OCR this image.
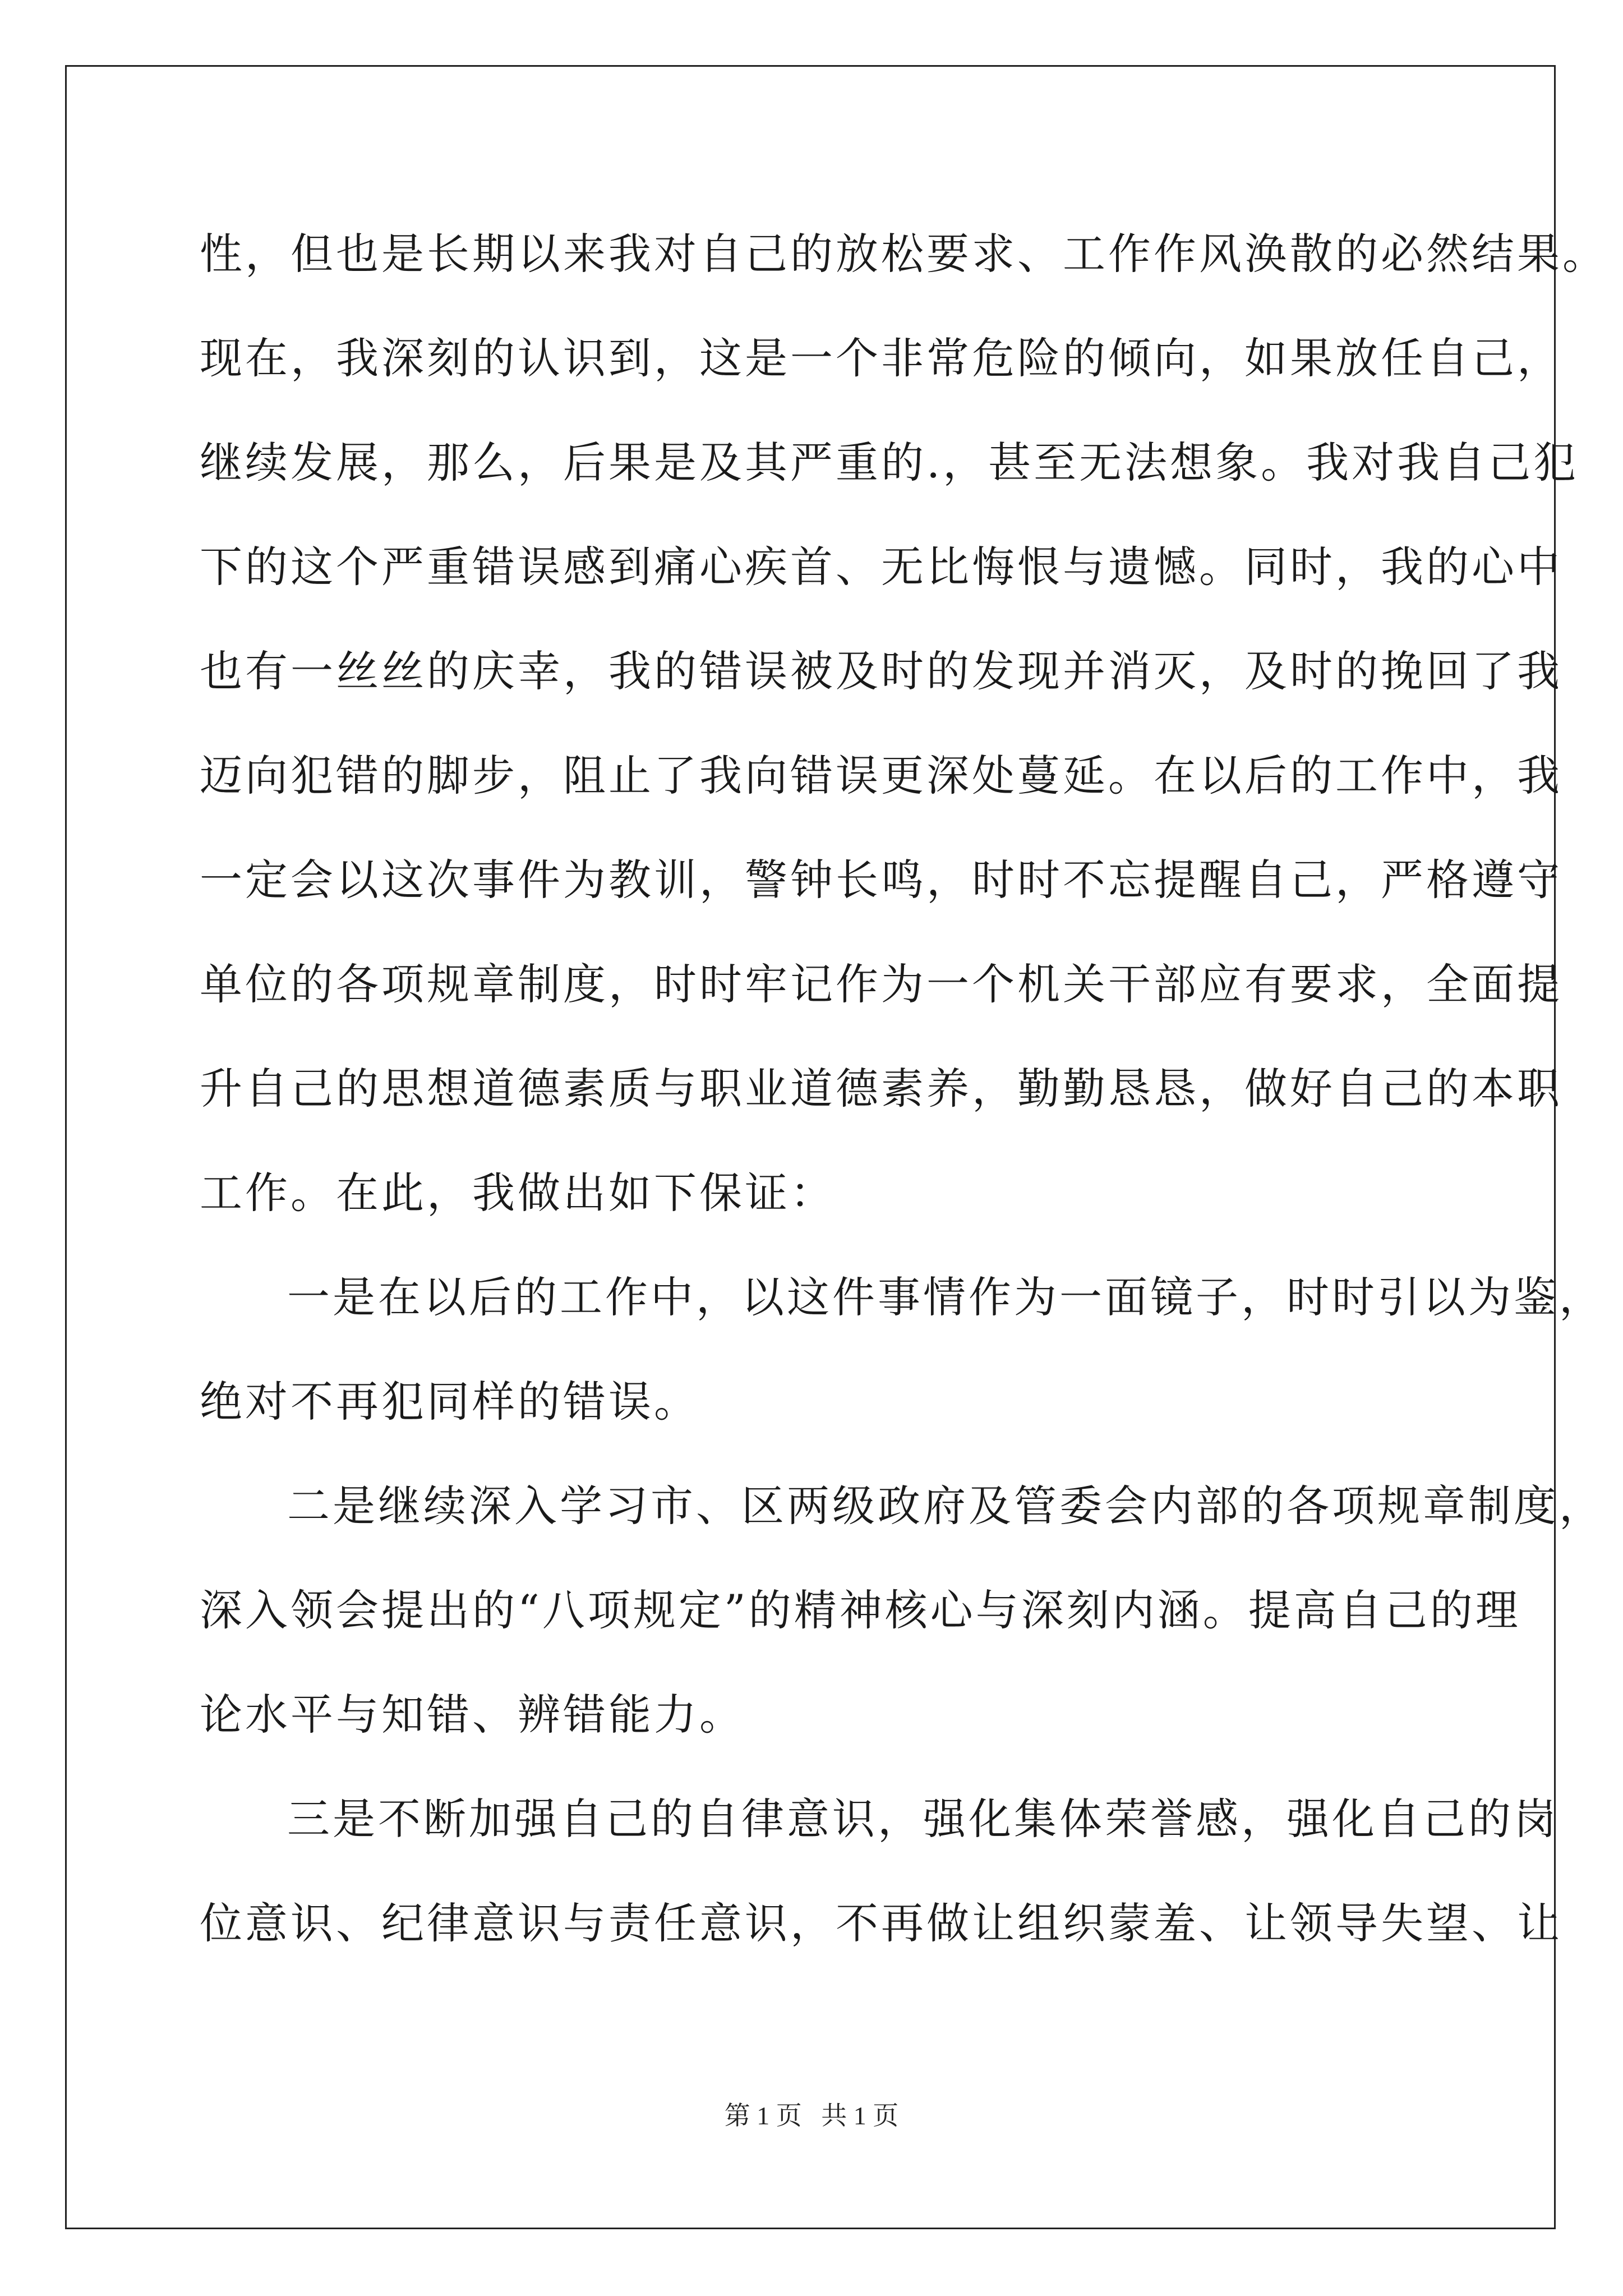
性，但也是长期以来我对自己的放松要求、工作作风涣散的必然结果。
现在，我深刻的认识到，这是一个非常危险的倾向，如果放任自己，
继续发展，那么，后果是及其严重的.，甚至无法想象。我对我自己犯
下的这个严重错误感到痛心疾首、无比悔恨与遗憾。同时，我的心中
也有一丝丝的庆幸，我的错误被及时的发现并消灭，及时的挽回了我
迈向犯错的脚步，阻止了我向错误更深处蔓延。在以后的工作中，我
一定会以这次事件为教训，警钟长鸣，时时不忘提醒自己，严格遵守
单位的各项规章制度，时时牢记作为一个机关干部应有要求，全面提
升自己的思想道德素质与职业道德素养，勤勤恳恳，做好自己的本职
工作。在此，我做出如下保证：
一是在以后的工作中，以这件事情作为一面镜子，时时引以为鉴，
绝对不再犯同样的错误。
二是继续深入学习市、区两级政府及管委会内部的各项规章制度，
深入领会提出的“八项规定”的精神核心与深刻内涵。提高自己的理
论水平与知错、辨错能力。
三是不断加强自己的自律意识，强化集体荣誉感，强化自己的岗
位意识、纪律意识与责任意识，不再做让组织蒙羞、让领导失望、让
第 1 页   共 1 页
